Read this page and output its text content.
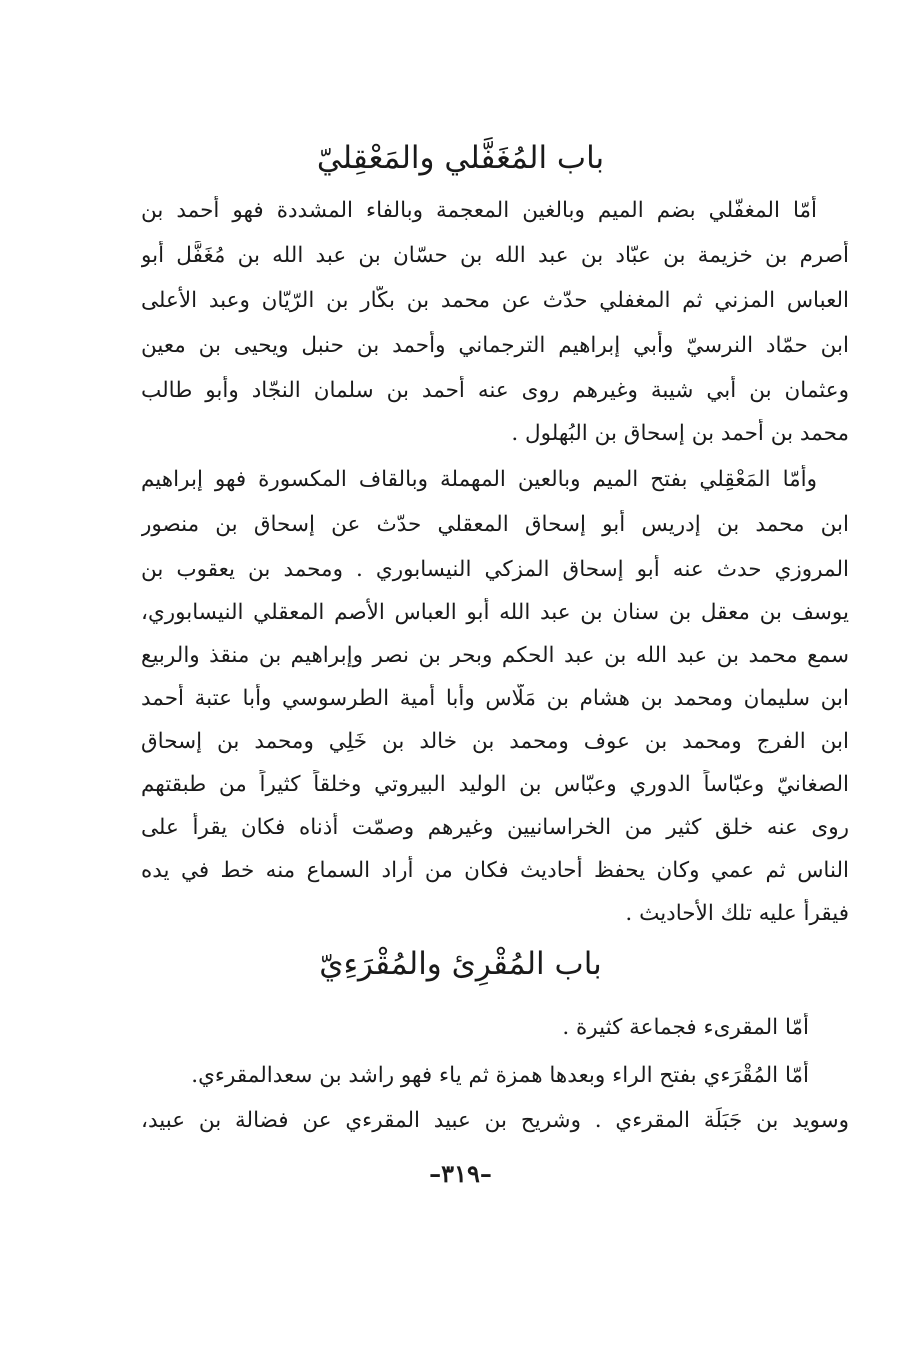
باب المُغَفَّلي والمَعْقِليّ
أمّا المغفّلي بضم الميم وبالغين المعجمة وبالفاء المشددة فهو أحمد بن
أصرم بن خزيمة بن عبّاد بن عبد الله بن حسّان بن عبد الله بن مُغَفَّل أبو
العباس المزني ثم المغفلي حدّث عن محمد بن بكّار بن الرّيّان وعبد الأعلى
ابن حمّاد النرسيّ وأبي إبراهيم الترجماني وأحمد بن حنبل ويحيى بن معين
وعثمان بن أبي شيبة وغيرهم روى عنه أحمد بن سلمان النجّاد وأبو طالب
محمد بن أحمد بن إسحاق بن البُهلول .
وأمّا المَعْقِلي بفتح الميم وبالعين المهملة وبالقاف المكسورة فهو إبراهيم
ابن محمد بن إدريس أبو إسحاق المعقلي حدّث عن إسحاق بن منصور
المروزي حدث عنه أبو إسحاق المزكي النيسابوري . ومحمد بن يعقوب بن
يوسف بن معقل بن سنان بن عبد الله أبو العباس الأصم المعقلي النيسابوري،
سمع محمد بن عبد الله بن عبد الحكم وبحر بن نصر وإبراهيم بن منقذ والربيع
ابن سليمان ومحمد بن هشام بن مَلّاس وأبا أمية الطرسوسي وأبا عتبة أحمد
ابن الفرج ومحمد بن عوف ومحمد بن خالد بن خَلِي ومحمد بن إسحاق
الصغانيّ وعبّاساً الدوري وعبّاس بن الوليد البيروتي وخلقاً كثيراً من طبقتهم
روى عنه خلق كثير من الخراسانيين وغيرهم وصمّت أذناه فكان يقرأ على
الناس ثم عمي وكان يحفظ أحاديث فكان من أراد السماع منه خط في يده
فيقرأ عليه تلك الأحاديث .
باب المُقْرِئ والمُقْرَءِيّ
أمّا المقرىء فجماعة كثيرة .
أمّا المُقْرَءي بفتح الراء وبعدها همزة ثم ياء فهو راشد بن سعدالمقرءي.
وسويد بن جَبَلَة المقرءي . وشريح بن عبيد المقرءي عن فضالة بن عبيد،
–٣١٩–
